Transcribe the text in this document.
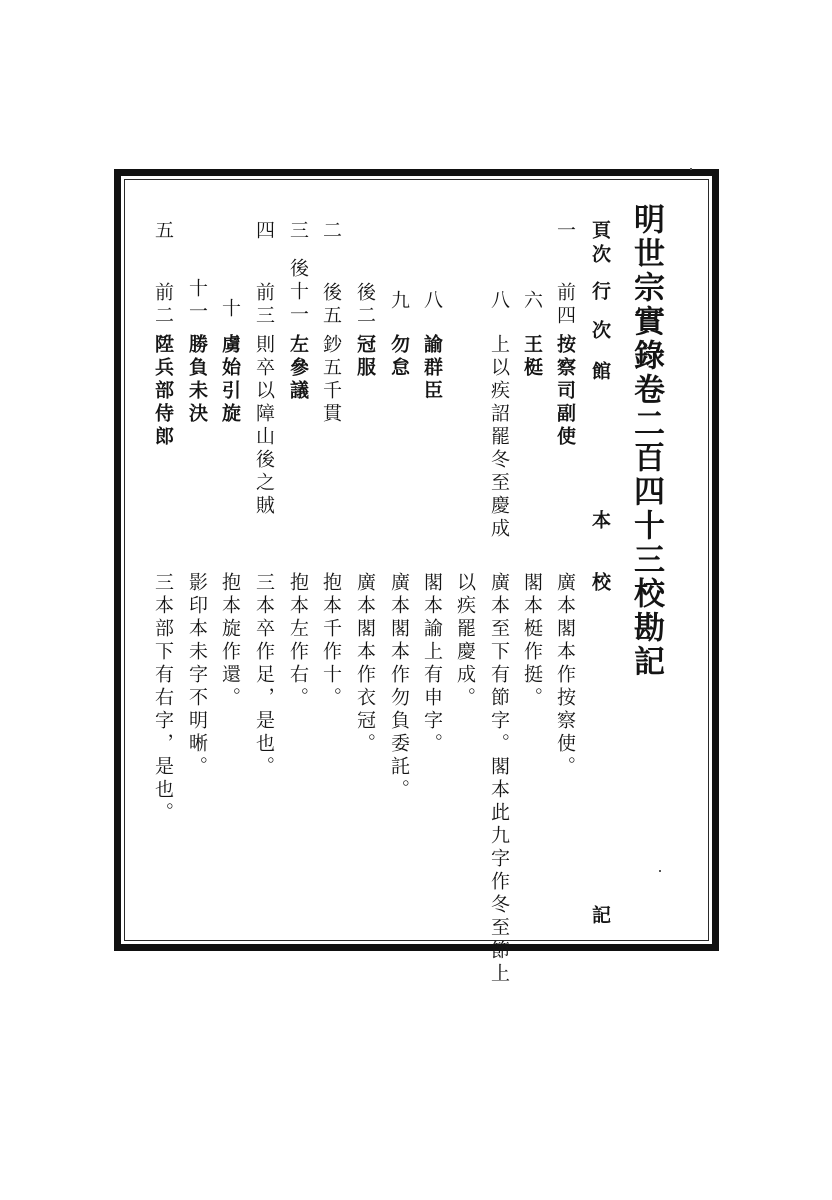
明世宗實錄卷二百四十三校勘記
頁
次
行
次
館
本
校
記
一
前四
按察司副使
廣本閣本作按察使。
六
王梃
閣本梃作挺。
八
上以疾詔罷冬至慶成
廣本至下有節字。閣本此九字作冬至節上
以疾罷慶成。
八
諭群臣
閣本諭上有申字。
九
勿怠
廣本閣本作勿負委託。
後二
冠服
廣本閣本作衣冠。
二
後五
鈔五千貫
抱本千作十。
三
後十一
左參議
抱本左作右。
四
前三
則卒以障山後之賊
三本卒作足，是也。
十
虜始引旋
抱本旋作還。
十一
勝負未決
影印本未字不明晰。
五
前二
陞兵部侍郎
三本部下有右字，是也。
